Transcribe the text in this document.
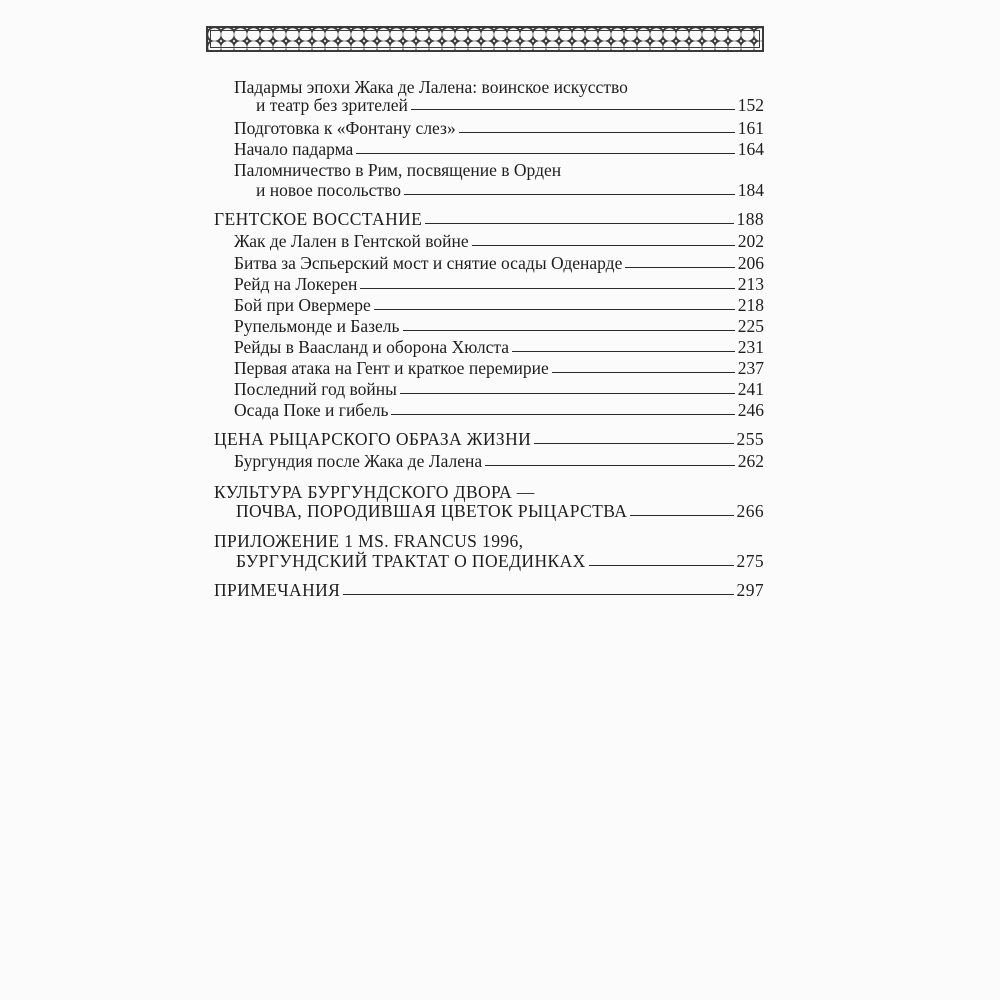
Падармы эпохи Жака де Лалена: воинское искусство
и театр без зрителей	152
Подготовка к «Фонтану слез»	161
Начало падарма	164
Паломничество в Рим, посвящение в Орден
и новое посольство	184
ГЕНТСКОЕ ВОССТАНИЕ	188
Жак де Лален в Гентской войне	202
Битва за Эспьерский мост и снятие осады Оденарде	206
Рейд на Локерен	213
Бой при Овермере	218
Рупельмонде и Базель	225
Рейды в Вааcланд и оборона Хюлста	231
Первая атака на Гент и краткое перемирие	237
Последний год войны	241
Осада Поке и гибель	246
ЦЕНА РЫЦАРСКОГО ОБРАЗА ЖИЗНИ	255
Бургундия после Жака де Лалена	262
КУЛЬТУРА БУРГУНДСКОГО ДВОРА —
ПОЧВА, ПОРОДИВШАЯ ЦВЕТОК РЫЦАРСТВА	266
ПРИЛОЖЕНИЕ 1 MS. FRANCUS 1996,
БУРГУНДСКИЙ ТРАКТАТ О ПОЕДИНКАХ	275
ПРИМЕЧАНИЯ	297
